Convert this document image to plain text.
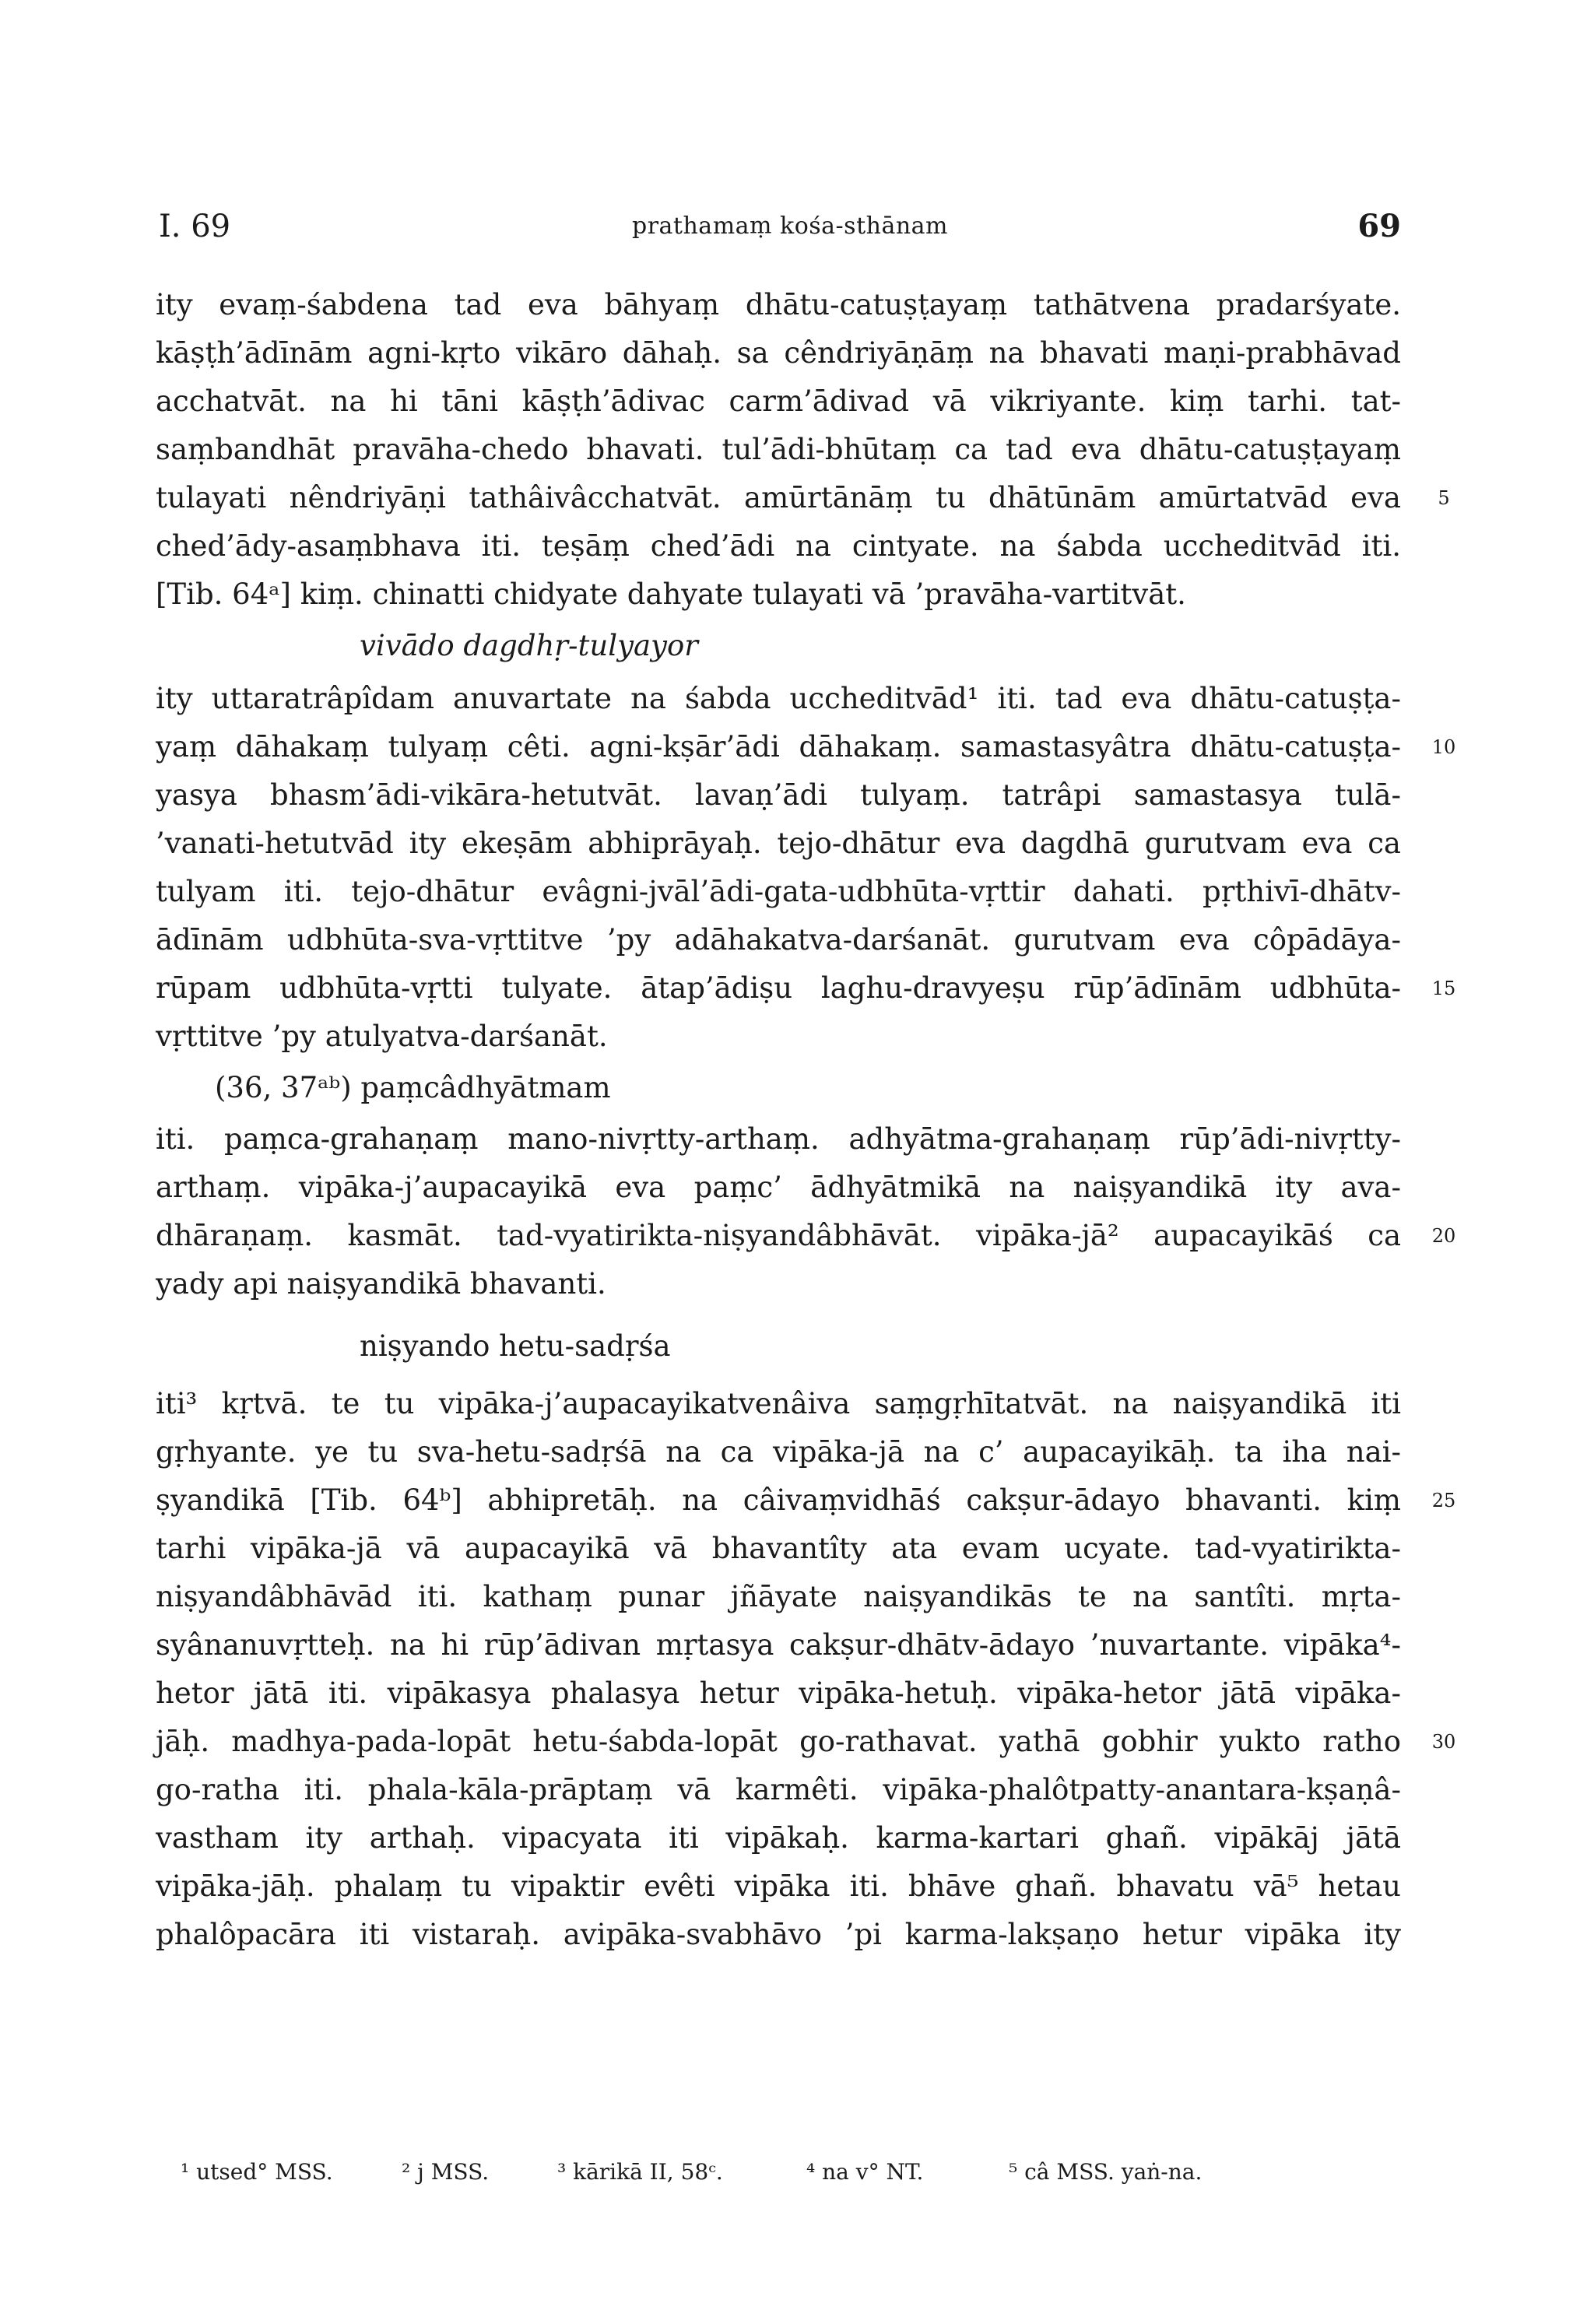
I. 69	prathamaṃ kośa-sthānam	69
ity evaṃ-śabdena tad eva bāhyaṃ dhātu-catuṣṭayaṃ tathātvena pradarśyate.
kāṣṭh’ādīnām agni-kṛto vikāro dāhaḥ. sa cêndriyāṇāṃ na bhavati maṇi-prabhāvad
acchatvāt. na hi tāni kāṣṭh’ādivac carm’ādivad vā vikriyante. kiṃ tarhi. tat-
saṃbandhāt pravāha-chedo bhavati. tul’ādi-bhūtaṃ ca tad eva dhātu-catuṣṭayaṃ
tulayati nêndriyāṇi tathâivâcchatvāt. amūrtānāṃ tu dhātūnām amūrtatvād eva
ched’ādy-asaṃbhava iti. teṣāṃ ched’ādi na cintyate. na śabda uccheditvād iti.
[Tib. 64ᵃ] kiṃ. chinatti chidyate dahyate tulayati vā ’pravāha-vartitvāt.
vivādo dagdhṛ-tulyayor
ity uttaratrâpîdam anuvartate na śabda uccheditvād¹ iti. tad eva dhātu-catuṣṭa-
yaṃ dāhakaṃ tulyaṃ cêti. agni-kṣār’ādi dāhakaṃ. samastasyâtra dhātu-catuṣṭa-
yasya bhasm’ādi-vikāra-hetutvāt. lavaṇ’ādi tulyaṃ. tatrâpi samastasya tulā-
’vanati-hetutvād ity ekeṣām abhiprāyaḥ. tejo-dhātur eva dagdhā gurutvam eva ca
tulyam iti. tejo-dhātur evâgni-jvāl’ādi-gata-udbhūta-vṛttir dahati. pṛthivī-dhātv-
ādīnām udbhūta-sva-vṛttitve ’py adāhakatva-darśanāt. gurutvam eva côpādāya-
rūpam udbhūta-vṛtti tulyate. ātap’ādiṣu laghu-dravyeṣu rūp’ādīnām udbhūta-
vṛttitve ’py atulyatva-darśanāt.
(36, 37ᵃᵇ) paṃcâdhyātmam
iti. paṃca-grahaṇaṃ mano-nivṛtty-arthaṃ. adhyātma-grahaṇaṃ rūp’ādi-nivṛtty-
arthaṃ. vipāka-j’aupacayikā eva paṃc’ ādhyātmikā na naiṣyandikā ity ava-
dhāraṇaṃ. kasmāt. tad-vyatirikta-niṣyandâbhāvāt. vipāka-jā² aupacayikāś ca
yady api naiṣyandikā bhavanti.
niṣyando hetu-sadṛśa
iti³ kṛtvā. te tu vipāka-j’aupacayikatvenâiva saṃgṛhītatvāt. na naiṣyandikā iti
gṛhyante. ye tu sva-hetu-sadṛśā na ca vipāka-jā na c’ aupacayikāḥ. ta iha nai-
ṣyandikā [Tib. 64ᵇ] abhipretāḥ. na câivaṃvidhāś cakṣur-ādayo bhavanti. kiṃ
tarhi vipāka-jā vā aupacayikā vā bhavantîty ata evam ucyate. tad-vyatirikta-
niṣyandâbhāvād iti. kathaṃ punar jñāyate naiṣyandikās te na santîti. mṛta-
syânanuvṛtteḥ. na hi rūp’ādivan mṛtasya cakṣur-dhātv-ādayo ’nuvartante. vipāka⁴-
hetor jātā iti. vipākasya phalasya hetur vipāka-hetuḥ. vipāka-hetor jātā vipāka-
jāḥ. madhya-pada-lopāt hetu-śabda-lopāt go-rathavat. yathā gobhir yukto ratho
go-ratha iti. phala-kāla-prāptaṃ vā karmêti. vipāka-phalôtpatty-anantara-kṣaṇâ-
vastham ity arthaḥ. vipacyata iti vipākaḥ. karma-kartari ghañ. vipākāj jātā
vipāka-jāḥ. phalaṃ tu vipaktir evêti vipāka iti. bhāve ghañ. bhavatu vā⁵ hetau
phalôpacāra iti vistaraḥ. avipāka-svabhāvo ’pi karma-lakṣaṇo hetur vipāka ity
5
10
15
20
25
30
¹ utsed° MSS.	² j MSS.	³ kārikā II, 58ᶜ.	⁴ na v° NT.	⁵ câ MSS. yaṅ-na.
